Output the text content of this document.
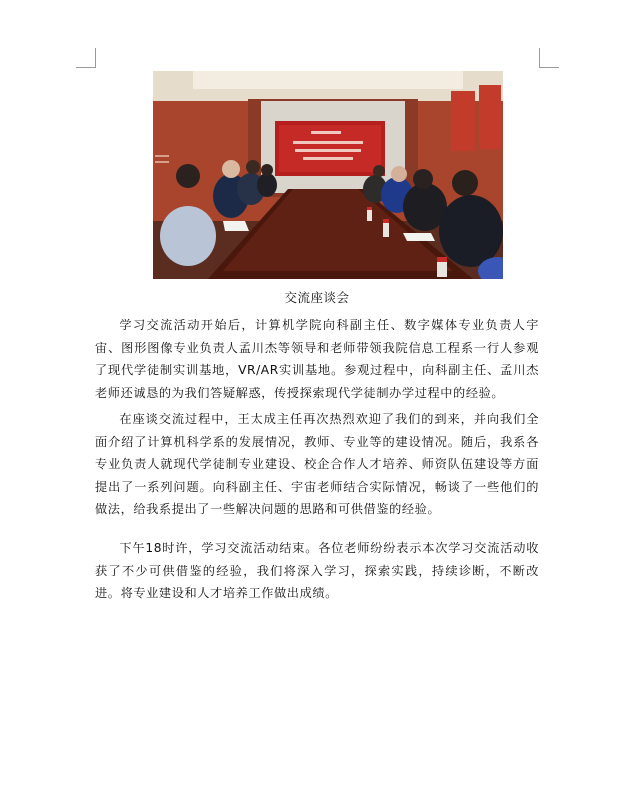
交流座谈会

学习交流活动开始后，计算机学院向科副主任、数字媒体专业负责人宇宙、图形图像专业负责人孟川杰等领导和老师带领我院信息工程系一行人参观了现代学徒制实训基地，VR/AR实训基地。参观过程中，向科副主任、孟川杰老师还诚恳的为我们答疑解惑，传授探索现代学徒制办学过程中的经验。

在座谈交流过程中，王太成主任再次热烈欢迎了我们的到来，并向我们全面介绍了计算机科学系的发展情况，教师、专业等的建设情况。随后，我系各专业负责人就现代学徒制专业建设、校企合作人才培养、师资队伍建设等方面提出了一系列问题。向科副主任、宇宙老师结合实际情况，畅谈了一些他们的做法，给我系提出了一些解决问题的思路和可供借鉴的经验。

下午18时许，学习交流活动结束。各位老师纷纷表示本次学习交流活动收获了不少可供借鉴的经验，我们将深入学习，探索实践，持续诊断，不断改进。将专业建设和人才培养工作做出成绩。
